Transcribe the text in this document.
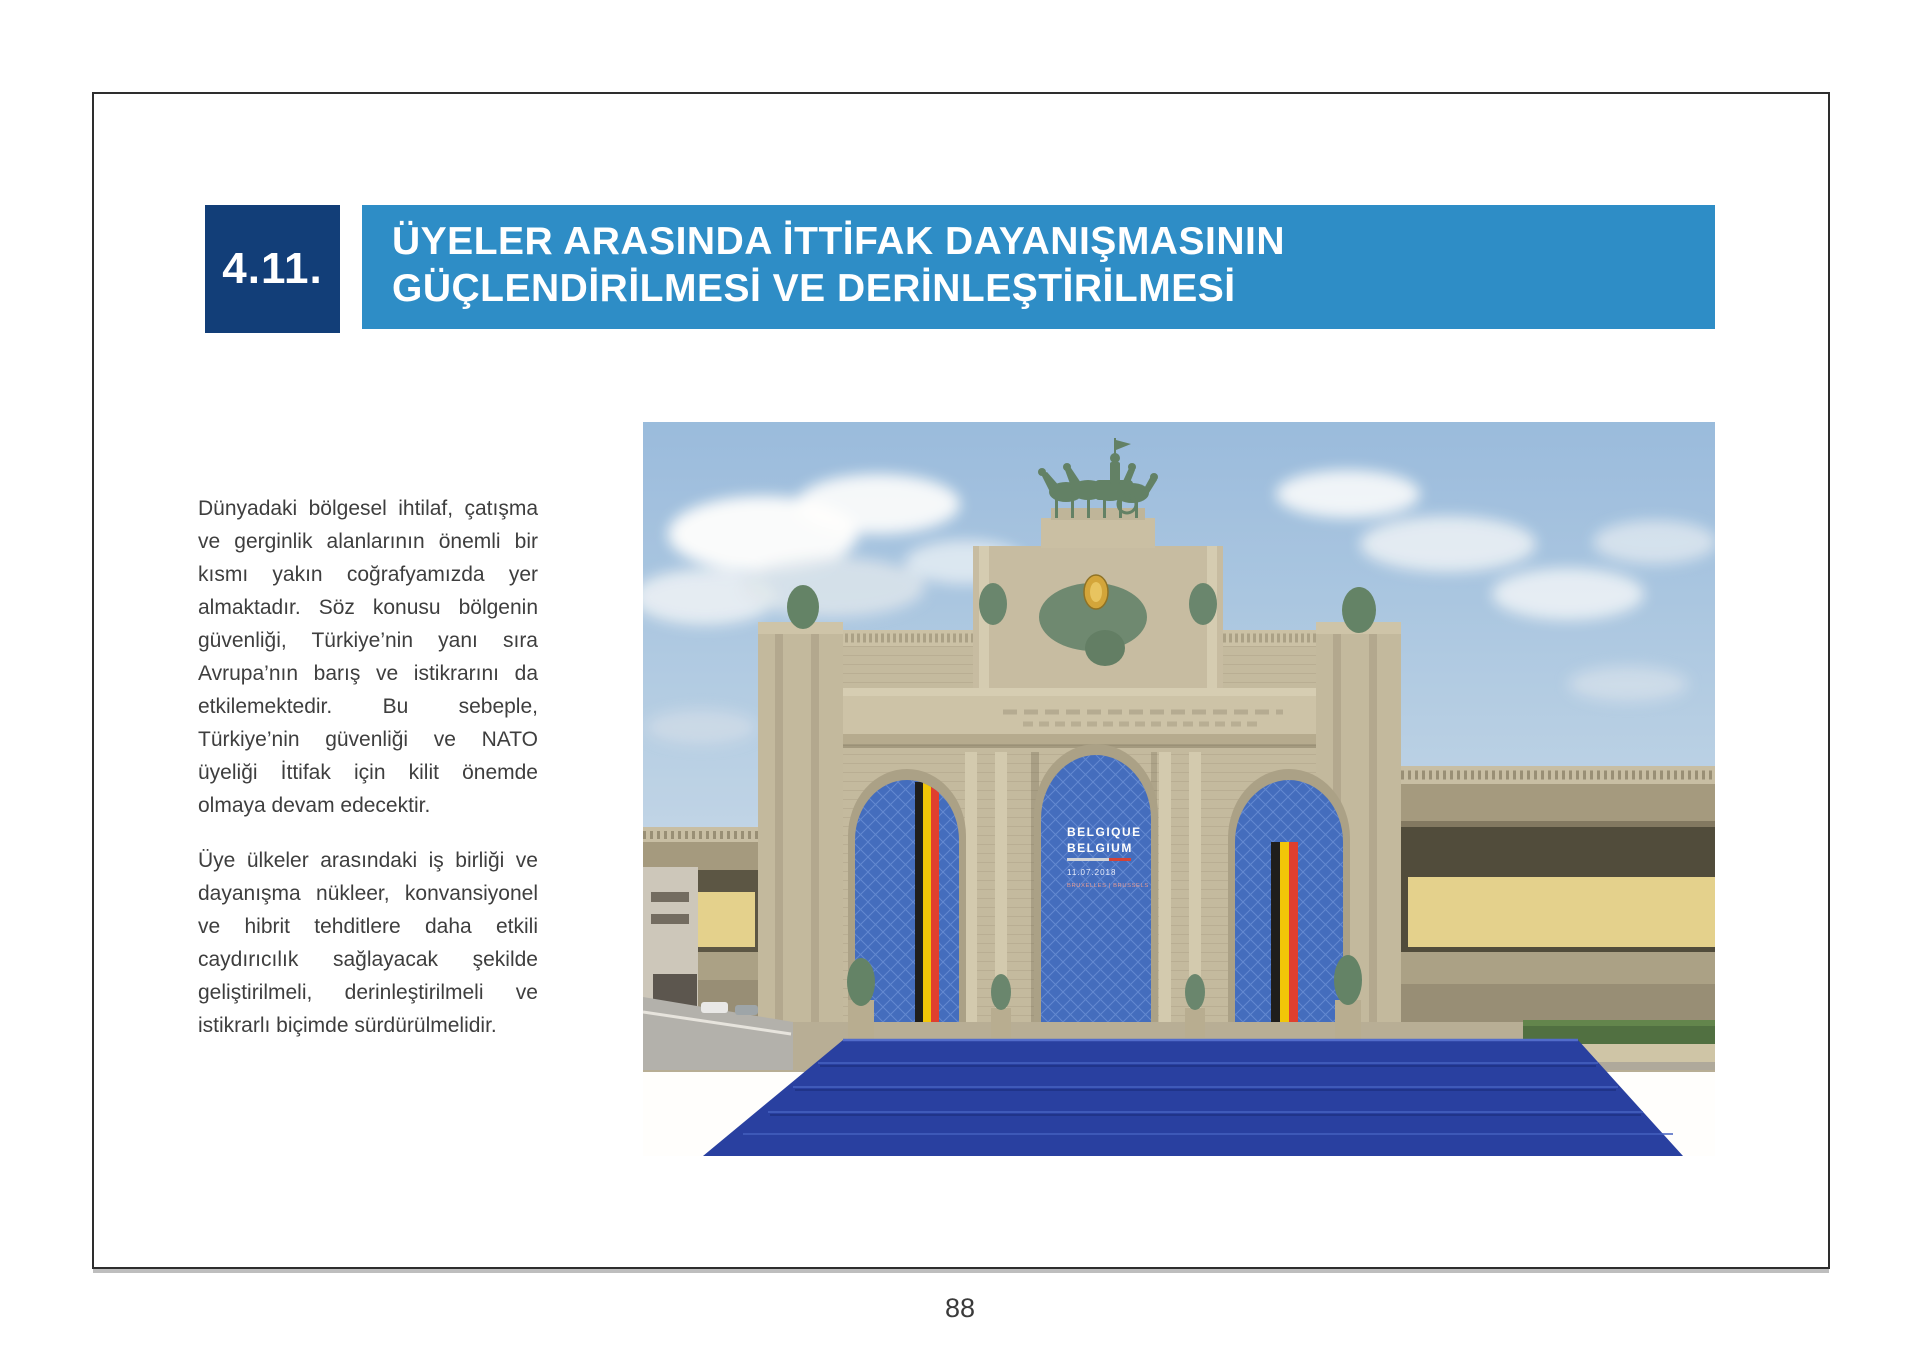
4.11.
ÜYELER ARASINDA İTTİFAK DAYANIŞMASININ
GÜÇLENDİRİLMESİ VE DERİNLEŞTİRİLMESİ

Dünyadaki bölgesel ihtilaf, çatışma ve gerginlik alanlarının önemli bir kısmı yakın coğrafyamızda yer almaktadır. Söz konusu bölgenin güvenliği, Türkiye’nin yanı sıra Avrupa’nın barış ve istikrarını da etkilemektedir. Bu sebeple, Türkiye’nin güvenliği ve NATO üyeliği İttifak için kilit önemde olmaya devam edecektir.

Üye ülkeler arasındaki iş birliği ve dayanışma nükleer, konvansiyonel ve hibrit tehditlere daha etkili caydırıcılık sağlayacak şekilde geliştirilmeli, derinleştirilmeli ve istikrarlı biçimde sürdürülmelidir.

BELGIQUE
BELGIUM
11.07.2018
BRUXELLES | BRUSSELS
88
